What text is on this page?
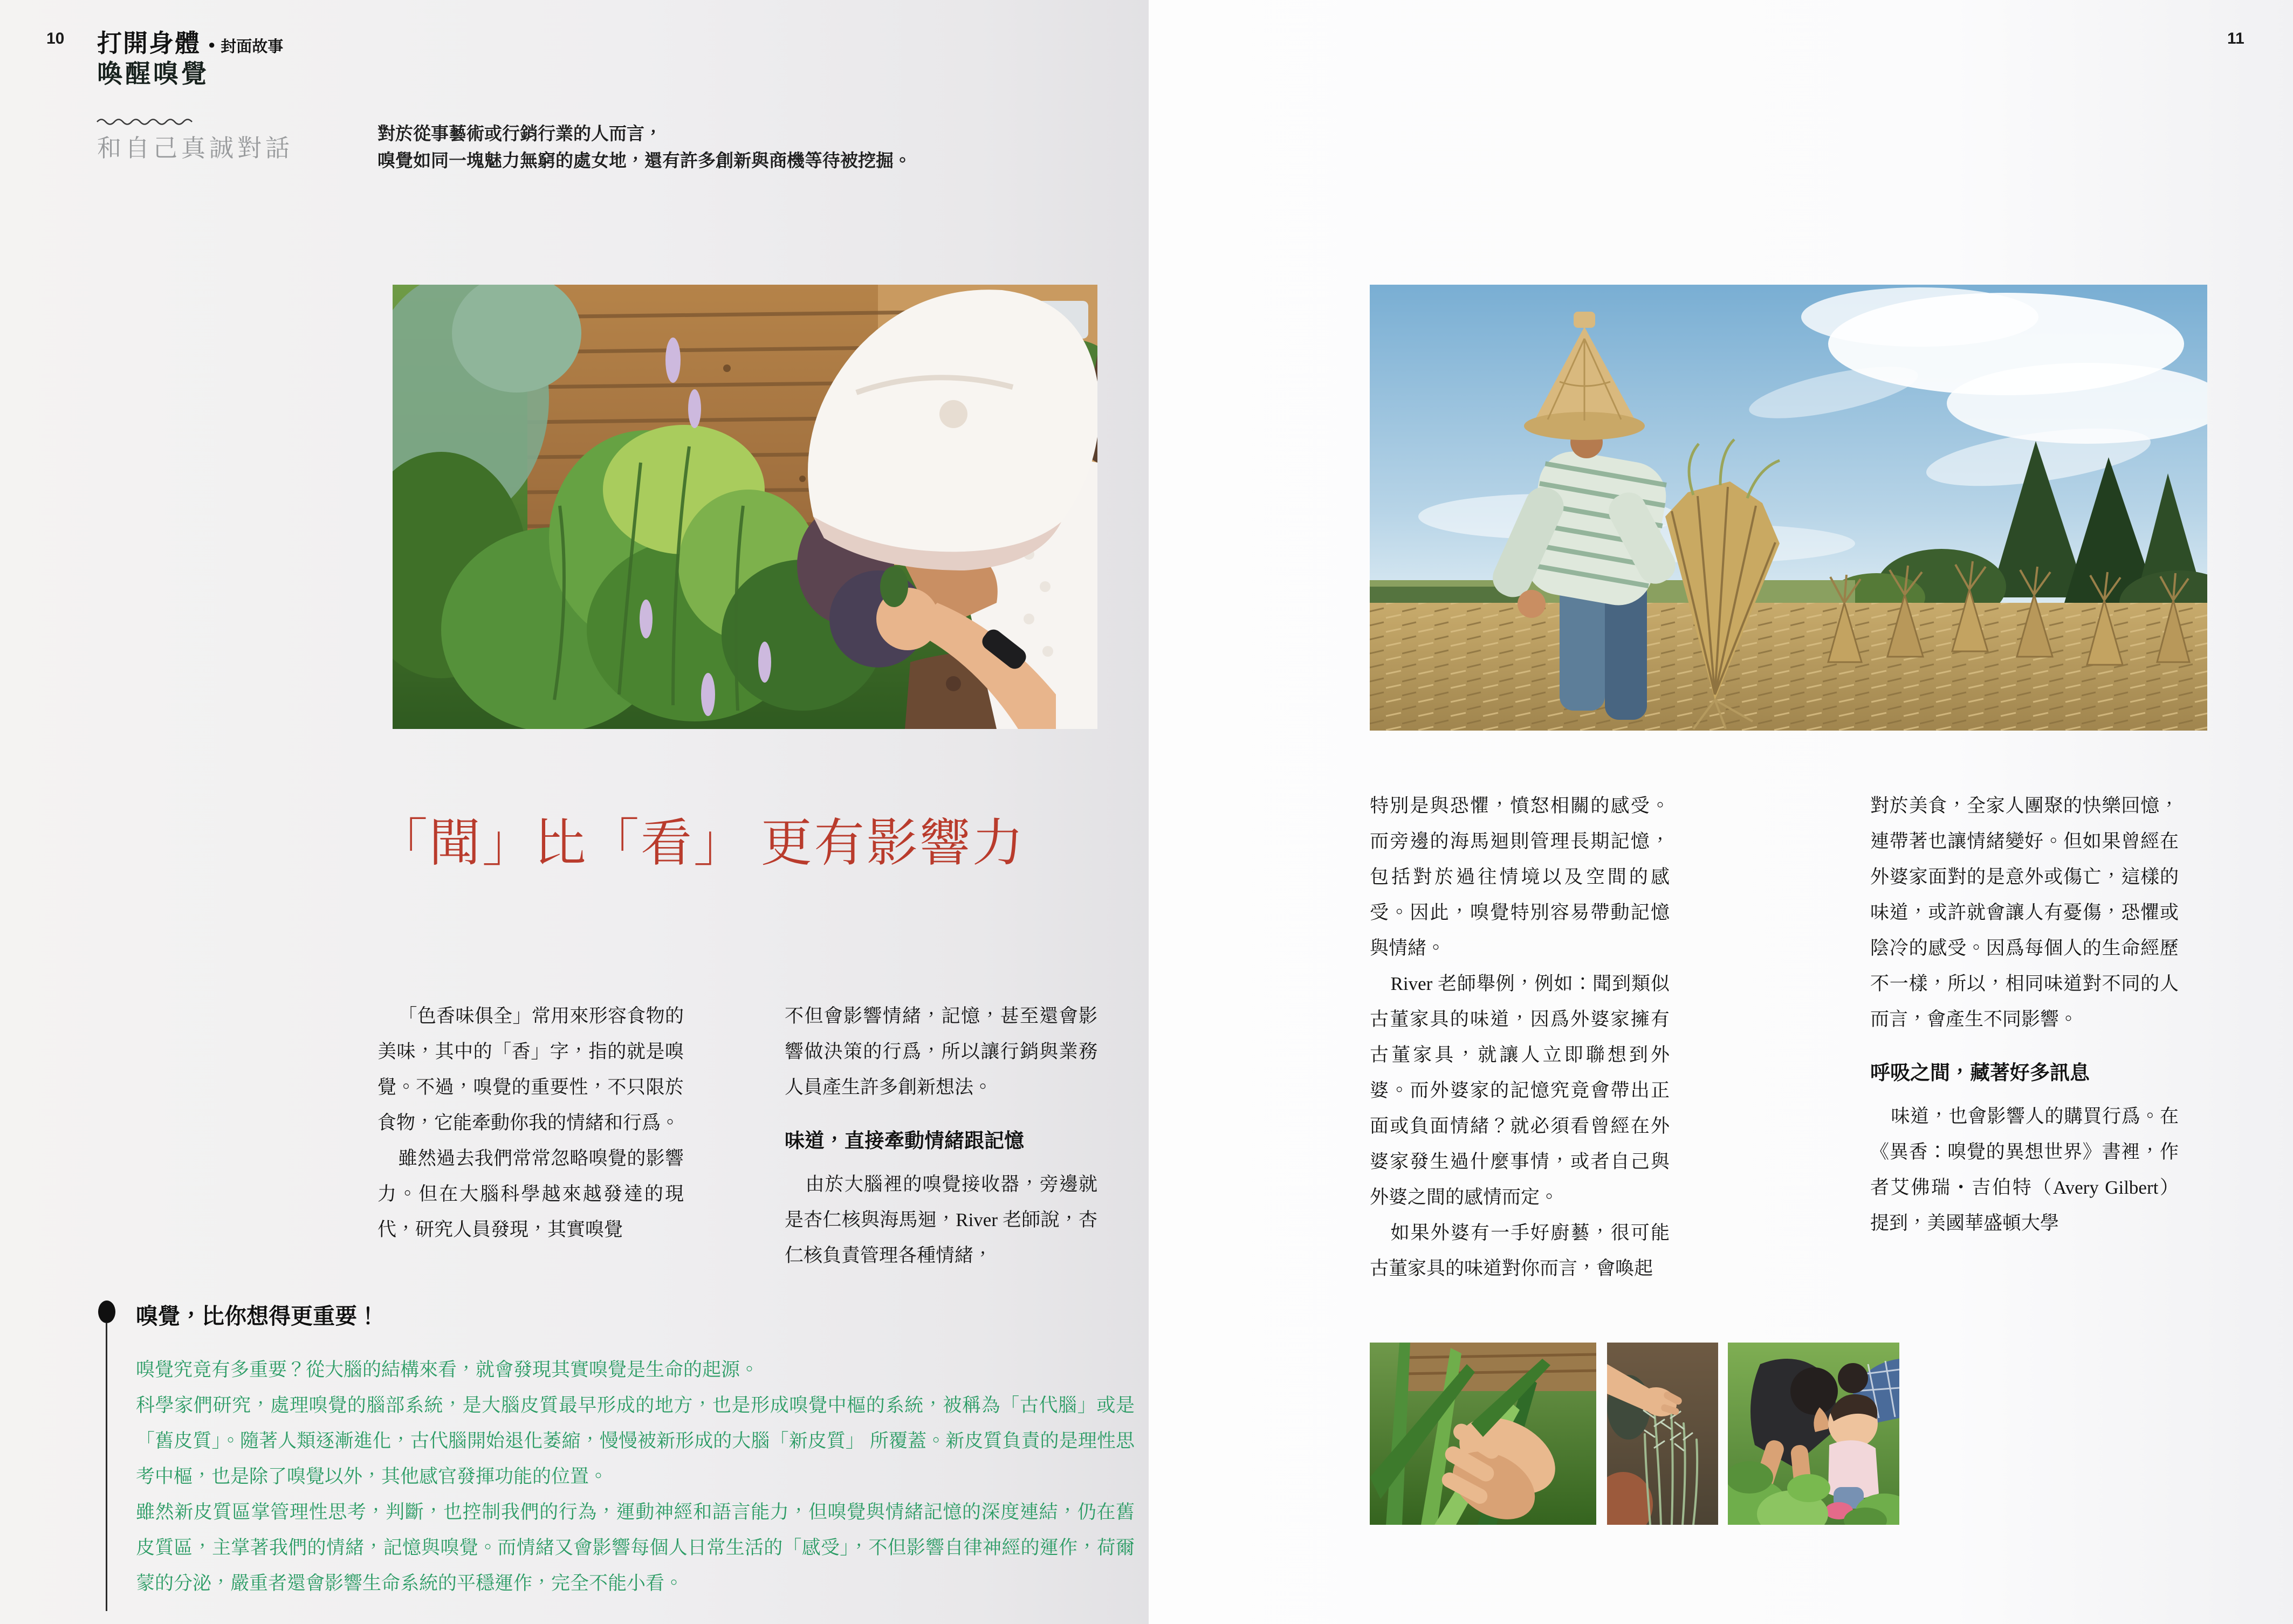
10 打開身體 ● 封面故事
喚醒嗅覺
和自己真誠對話
對於從事藝術或行銷行業的人而言，
嗅覺如同一塊魅力無窮的處女地，還有許多創新與商機等待被挖掘。
「聞」比「看」 更有影響力

「色香味俱全」常用來形容食物的美味，其中的「香」字，指的就是嗅覺。不過，嗅覺的重要性，不只限於食物，它能牽動你我的情緒和行爲。

雖然過去我們常常忽略嗅覺的影響力。但在大腦科學越來越發達的現代，研究人員發現，其實嗅覺

不但會影響情緒，記憶，甚至還會影響做決策的行爲，所以讓行銷與業務人員產生許多創新想法。

味道，直接牽動情緒跟記憶

由於大腦裡的嗅覺接收器，旁邊就是杏仁核與海馬迴，River 老師說，杏仁核負責管理各種情緒，

嗅覺，比你想得更重要！

嗅覺究竟有多重要？從大腦的結構來看，就會發現其實嗅覺是生命的起源。

科學家們研究，處理嗅覺的腦部系統，是大腦皮質最早形成的地方，也是形成嗅覺中樞的系統，被稱為「古代腦」或是「舊皮質」。隨著人類逐漸進化，古代腦開始退化萎縮，慢慢被新形成的大腦「新皮質」 所覆蓋。新皮質負責的是理性思考中樞，也是除了嗅覺以外，其他感官發揮功能的位置。

雖然新皮質區掌管理性思考，判斷，也控制我們的行為，運動神經和語言能力，但嗅覺與情緒記憶的深度連結，仍在舊皮質區，主掌著我們的情緒，記憶與嗅覺。而情緒又會影響每個人日常生活的「感受」，不但影響自律神經的運作，荷爾蒙的分泌，嚴重者還會影響生命系統的平穩運作，完全不能小看。

11

特別是與恐懼，憤怒相關的感受。而旁邊的海馬迴則管理長期記憶，包括對於過往情境以及空間的感受。因此，嗅覺特別容易帶動記憶與情緒。

River 老師舉例，例如：聞到類似古董家具的味道，因爲外婆家擁有古董家具，就讓人立即聯想到外婆。而外婆家的記憶究竟會帶出正面或負面情緒？就必須看曾經在外婆家發生過什麼事情，或者自己與外婆之間的感情而定。

如果外婆有一手好廚藝，很可能古董家具的味道對你而言，會喚起

對於美食，全家人團聚的快樂回憶，連帶著也讓情緒變好。但如果曾經在外婆家面對的是意外或傷亡，這樣的味道，或許就會讓人有憂傷，恐懼或陰冷的感受。因爲每個人的生命經歷不一樣，所以，相同味道對不同的人而言，會產生不同影響。

呼吸之間，藏著好多訊息

味道，也會影響人的購買行爲。在《異香：嗅覺的異想世界》書裡，作者艾佛瑞・吉伯特（Avery Gilbert）提到，美國華盛頓大學
